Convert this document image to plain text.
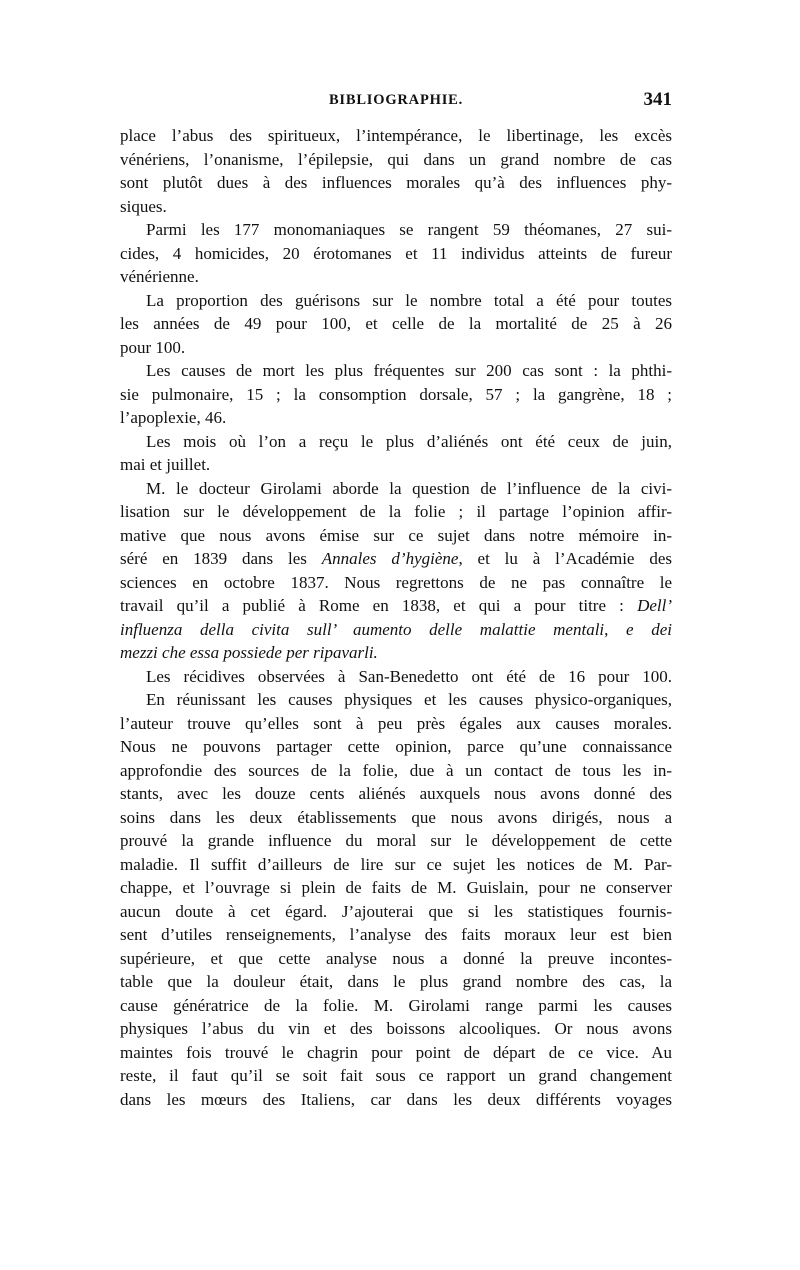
BIBLIOGRAPHIE.	341
place l’abus des spiritueux, l’intempérance, le libertinage, les excès
vénériens, l’onanisme, l’épilepsie, qui dans un grand nombre de cas
sont plutôt dues à des influences morales qu’à des influences phy-
siques.
Parmi les 177 monomaniaques se rangent 59 théomanes, 27 sui-
cides, 4 homicides, 20 érotomanes et 11 individus atteints de fureur
vénérienne.
La proportion des guérisons sur le nombre total a été pour toutes
les années de 49 pour 100, et celle de la mortalité de 25 à 26
pour 100.
Les causes de mort les plus fréquentes sur 200 cas sont : la phthi-
sie pulmonaire, 15 ; la consomption dorsale, 57 ; la gangrène, 18 ;
l’apoplexie, 46.
Les mois où l’on a reçu le plus d’aliénés ont été ceux de juin,
mai et juillet.
M. le docteur Girolami aborde la question de l’influence de la civi-
lisation sur le développement de la folie ; il partage l’opinion affir-
mative que nous avons émise sur ce sujet dans notre mémoire in-
séré en 1839 dans les Annales d’hygiène, et lu à l’Académie des
sciences en octobre 1837. Nous regrettons de ne pas connaître le
travail qu’il a publié à Rome en 1838, et qui a pour titre : Dell’
influenza della civita sull’ aumento delle malattie mentali, e dei
mezzi che essa possiede per ripavarli.
Les récidives observées à San-Benedetto ont été de 16 pour 100.
En réunissant les causes physiques et les causes physico-organiques,
l’auteur trouve qu’elles sont à peu près égales aux causes morales.
Nous ne pouvons partager cette opinion, parce qu’une connaissance
approfondie des sources de la folie, due à un contact de tous les in-
stants, avec les douze cents aliénés auxquels nous avons donné des
soins dans les deux établissements que nous avons dirigés, nous a
prouvé la grande influence du moral sur le développement de cette
maladie. Il suffit d’ailleurs de lire sur ce sujet les notices de M. Par-
chappe, et l’ouvrage si plein de faits de M. Guislain, pour ne conserver
aucun doute à cet égard. J’ajouterai que si les statistiques fournis-
sent d’utiles renseignements, l’analyse des faits moraux leur est bien
supérieure, et que cette analyse nous a donné la preuve incontes-
table que la douleur était, dans le plus grand nombre des cas, la
cause génératrice de la folie. M. Girolami range parmi les causes
physiques l’abus du vin et des boissons alcooliques. Or nous avons
maintes fois trouvé le chagrin pour point de départ de ce vice. Au
reste, il faut qu’il se soit fait sous ce rapport un grand changement
dans les mœurs des Italiens, car dans les deux différents voyages
